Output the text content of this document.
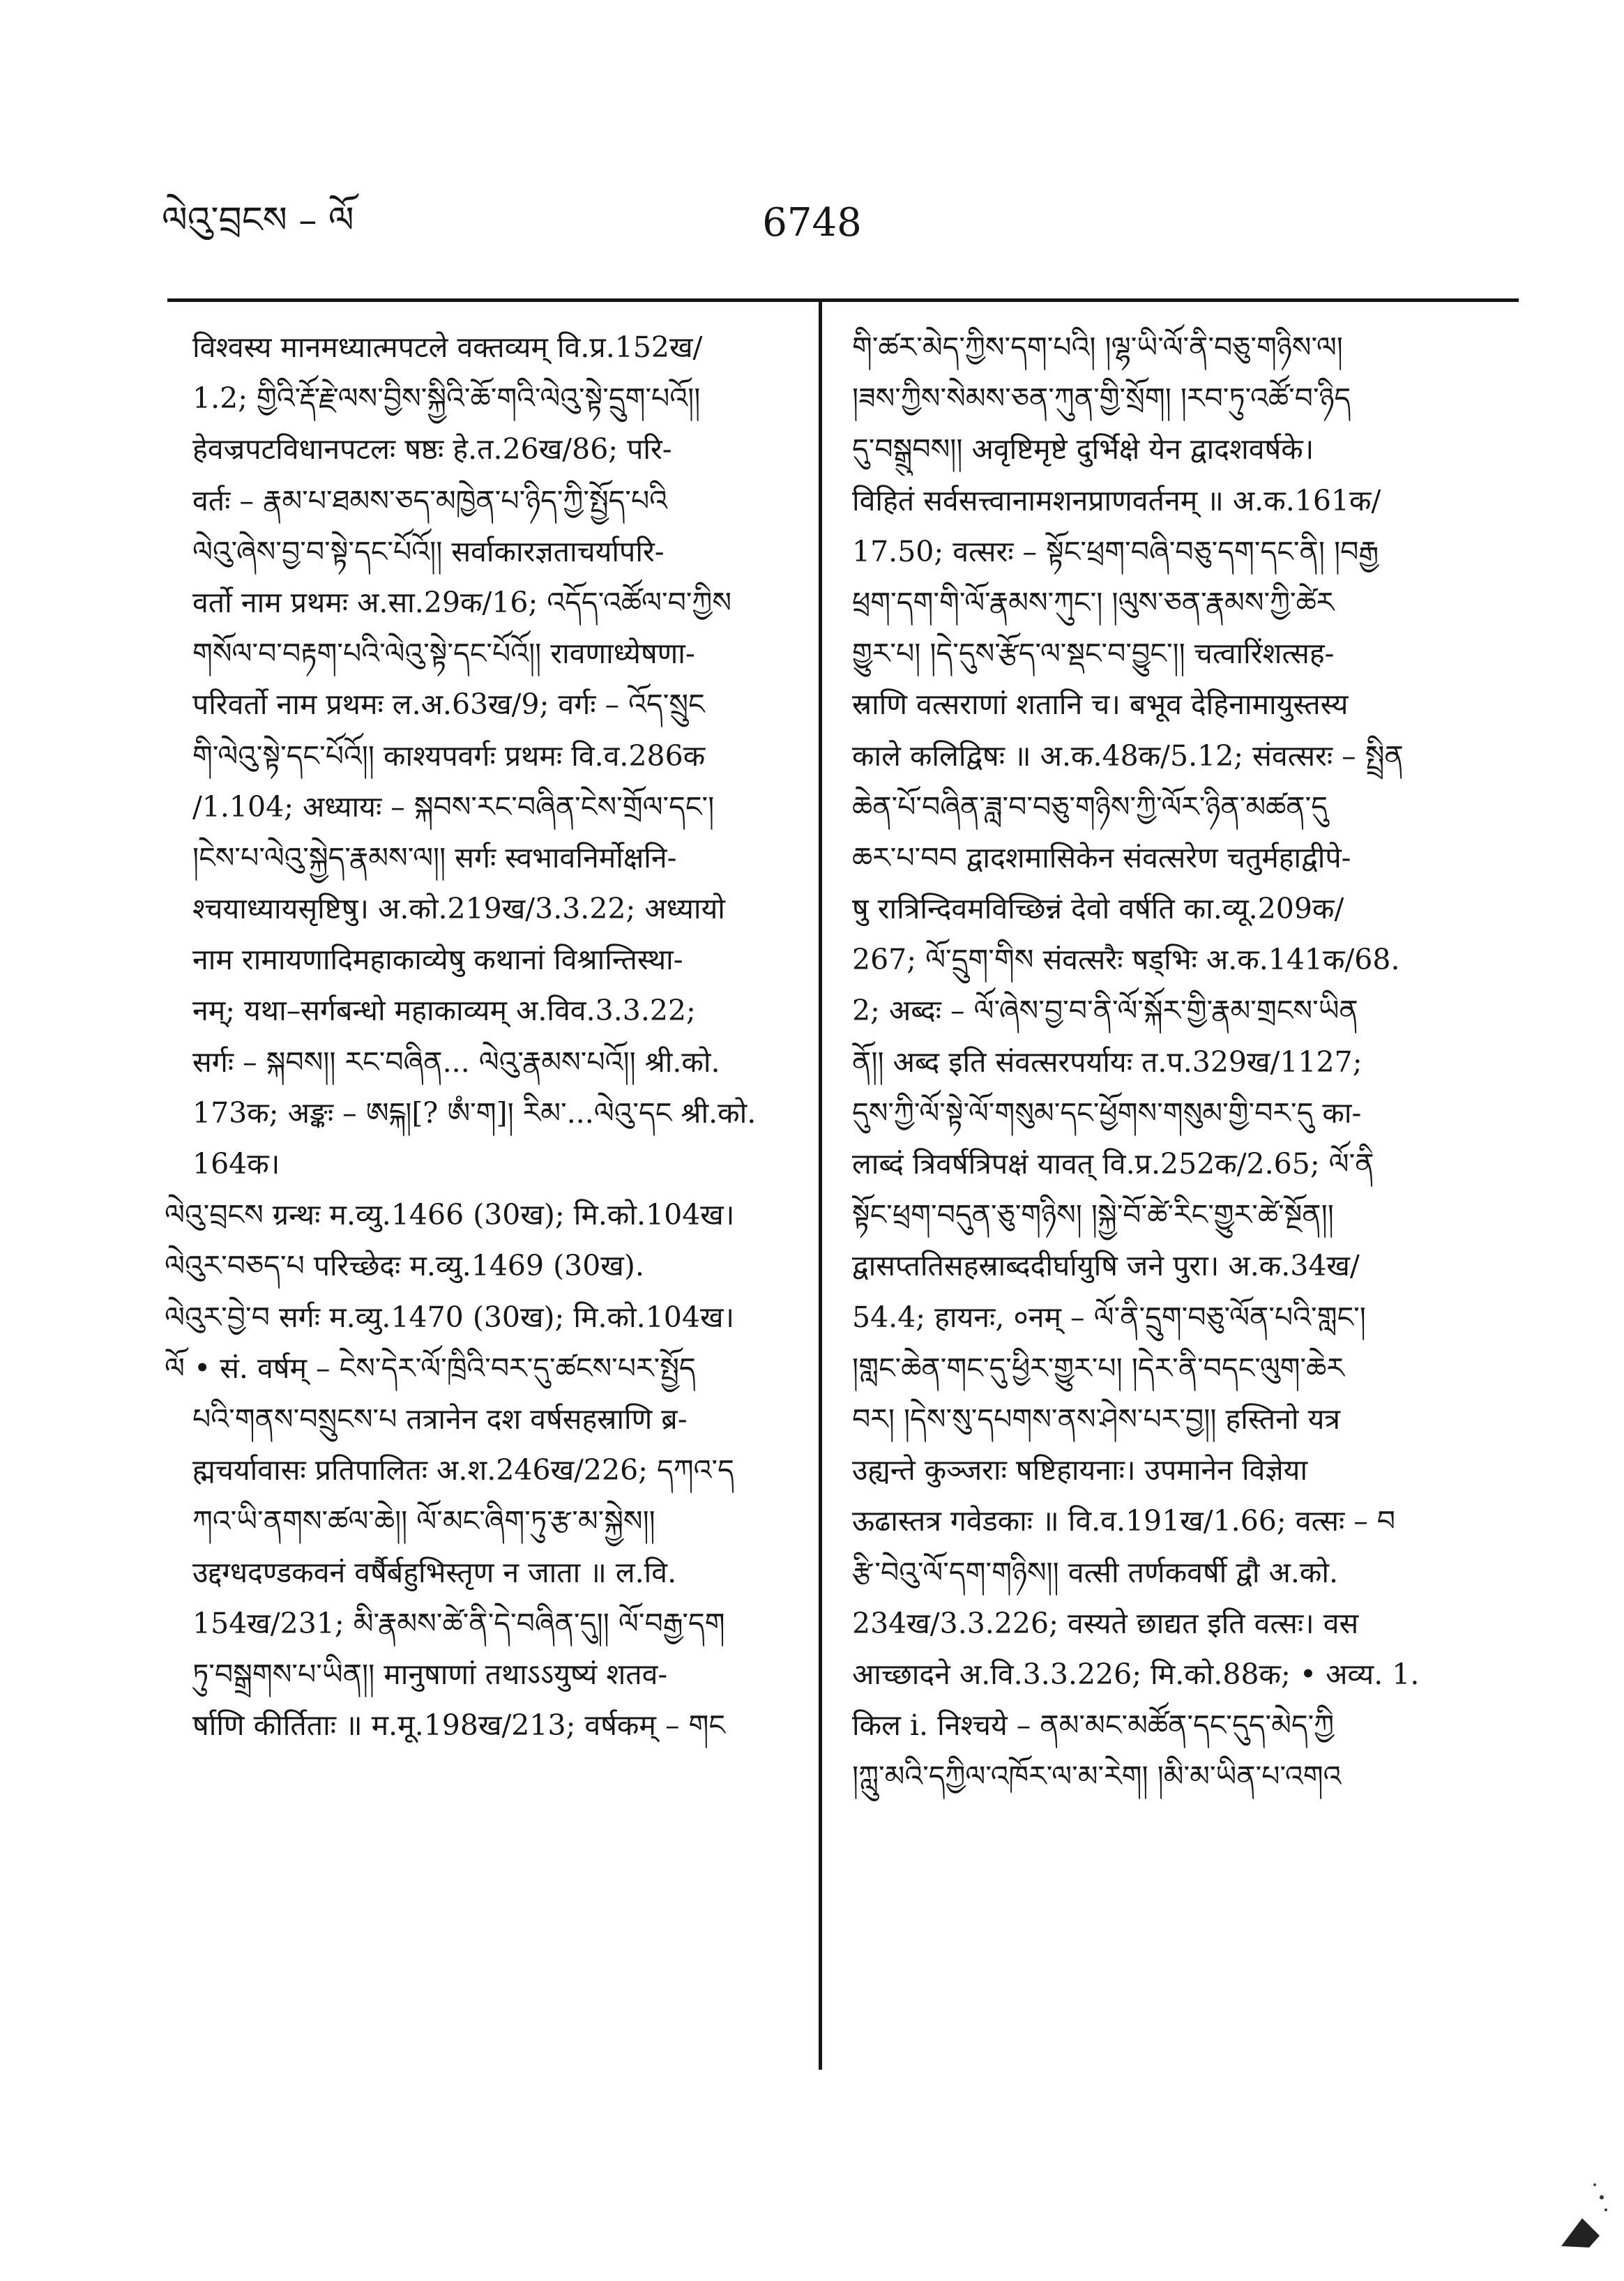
ལེའུ་བྲངས – ལོ	6748
विश्वस्य मानमध्यात्मपटले वक्तव्यम् वि.प्र.152ख/
1.2; གྱིའི་རྡོ་རྗེ་ལས་བྱིས་སྐྱིའི་ཆོ་གའི་ལེའུ་སྟེ་དྲུག་པའོ།།
हेवज्रपटविधानपटलः षष्ठः हे.त.26ख/86; परि-
वर्तः – རྣམ་པ་ཐམས་ཅད་མཁྱེན་པ་ཉིད་ཀྱི་སྤྱོད་པའི
ལེའུ་ཞེས་བྱ་བ་སྟེ་དང་པོའོ།། सर्वाकारज्ञताचर्यापरि-
वर्तो नाम प्रथमः अ.सा.29क/16; འདོད་འཚོལ་བ་ཀྱིས
གསོལ་བ་བརྟག་པའི་ལེའུ་སྟེ་དང་པོའོ།། रावणाध्येषणा-
परिवर्तो नाम प्रथमः ल.अ.63ख/9; वर्गः – འོད་སྲུང
གི་ལེའུ་སྟེ་དང་པོའོ།། काश्यपवर्गः प्रथमः वि.व.286क
/1.104; अध्यायः – སྐབས་རང་བཞིན་ངེས་གྲོལ་དང་།
།ངེས་པ་ལེའུ་སྐྱེད་རྣམས་ལ།། सर्गः स्वभावनिर्मोक्षनि-
श्चयाध्यायसृष्टिषु। अ.को.219ख/3.3.22; अध्यायो
नाम रामायणादिमहाकाव्येषु कथानां विश्रान्तिस्था-
नम्; यथा–सर्गबन्धो महाकाव्यम् अ.विव.3.3.22;
सर्गः – སྐབས།། རང་བཞིན... ལེའུ་རྣམས་པའོ།། श्री.को.
173क; अङ्कः – ཨངྐ།[? ཨཾ་ག]། རིམ་...ལེའུ་དང श्री.को.
164क।
ལེའུ་བྲངས ग्रन्थः म.व्यु.1466 (30ख); मि.को.104ख।
ལེའུར་བཅད་པ परिच्छेदः म.व्यु.1469 (30ख).
ལེའུར་བྱེ་བ सर्गः म.व्यु.1470 (30ख); मि.को.104ख।
ལོ • सं. वर्षम् – ངེས་དེར་ལོ་ཁྲིའི་བར་དུ་ཚངས་པར་སྤྱོད
པའི་གནས་བསྲུངས་པ तत्रानेन दश वर्षसहस्राणि ब्र-
ह्मचर्यावासः प्रतिपालितः अ.श.246ख/226; དཀའ་ད
ཀའ་ཡི་ནགས་ཚལ་ཆེ།། ལོ་མང་ཞིག་ཏུ་རྩ་མ་སྐྱེས།།
उद्दग्धदण्डकवनं वर्षैर्बहुभिस्तृण न जाता ॥ ल.वि.
154ख/231; མི་རྣམས་ཚེ་ནི་དེ་བཞིན་དུ།། ལོ་བརྒྱ་དག
ཏུ་བསྒྲགས་པ་ཡིན།། मानुषाणां तथाऽऽयुष्यं शतव-
र्षाणि कीर्तिताः ॥ म.मू.198ख/213; वर्षकम् – གང
གི་ཚར་མེད་ཀྱིས་དག་པའི། །ལྷ་ཡི་ལོ་ནི་བཅུ་གཉིས་ལ།
།ཟས་ཀྱིས་སེམས་ཅན་ཀུན་གྱི་སྲོག། །རབ་ཏུ་འཚོ་བ་ཉིད
དུ་བསྒྲུབས།། अवृष्टिमृष्टे दुर्भिक्षे येन द्वादशवर्षके।
विहितं सर्वसत्त्वानामशनप्राणवर्तनम् ॥ अ.क.161क/
17.50; वत्सरः – སྟོང་ཕྲག་བཞི་བཅུ་དག་དང་ནི། །བརྒྱ
ཕྲག་དག་གི་ལོ་རྣམས་ཀུང་། །ལུས་ཅན་རྣམས་ཀྱི་ཚེར
གྱུར་པ། །དེ་དུས་རྩོད་ལ་སྡང་བ་བྱུང་།། चत्वारिंशत्सह-
स्राणि वत्सराणां शतानि च। बभूव देहिनामायुस्तस्य
काले कलिद्विषः ॥ अ.क.48क/5.12; संवत्सरः – སྤྲིན
ཆེན་པོ་བཞིན་ཟླ་བ་བཅུ་གཉིས་ཀྱི་ལོར་ཉིན་མཚན་དུ
ཆར་པ་བབ द्वादशमासिकेन संवत्सरेण चतुर्महाद्वीपे-
षु रात्रिन्दिवमविच्छिन्नं देवो वर्षति का.व्यू.209क/
267; ལོ་དྲུག་གིས संवत्सरैः षड्भिः अ.क.141क/68.
2; अब्दः – ལོ་ཞེས་བྱ་བ་ནི་ལོ་སྐོར་གྱི་རྣམ་གྲངས་ཡིན
ནོ།། अब्द इति संवत्सरपर्यायः त.प.329ख/1127;
དུས་ཀྱི་ལོ་སྟེ་ལོ་གསུམ་དང་ཕྱོགས་གསུམ་གྱི་བར་དུ का-
लाब्दं त्रिवर्षत्रिपक्षं यावत् वि.प्र.252क/2.65; ལོ་ནི
སྟོང་ཕྲག་བདུན་ཅུ་གཉིས། །སྐྱེ་བོ་ཚེ་རིང་གྱུར་ཚེ་སྔོན།།
द्वासप्ततिसहस्राब्ददीर्घायुषि जने पुरा। अ.क.34ख/
54.4; हायनः, ०नम् – ལོ་ནི་དྲུག་བཅུ་ལོན་པའི་གླང་།
།གླང་ཆེན་གང་དུ་ཕྱིར་གྱུར་པ། །དེར་ནི་བདང་ལུག་ཆེར
བར། །དེས་སུ་དཔགས་ནས་ཤེས་པར་བྱ།། हस्तिनो यत्र
उह्यन्ते कुञ्जराः षष्टिहायनाः। उपमानेन विज्ञेया
ऊढास्तत्र गवेडकाः ॥ वि.व.191ख/1.66; वत्सः – བ
རྩི་བེའུ་ལོ་དག་གཉིས།། वत्सी तर्णकवर्षी द्वौ अ.को.
234ख/3.3.226; वस्यते छाद्यत इति वत्सः। वस
आच्छादने अ.वि.3.3.226; मि.को.88क; • अव्य. 1.
किल i. निश्चये – ནམ་མང་མཚོན་དང་དུད་མེད་ཀྱི
།ཀླུ་མའི་དཀྱིལ་འཁོར་ལ་མ་རེག། །མི་མ་ཡིན་པ་འགའ
